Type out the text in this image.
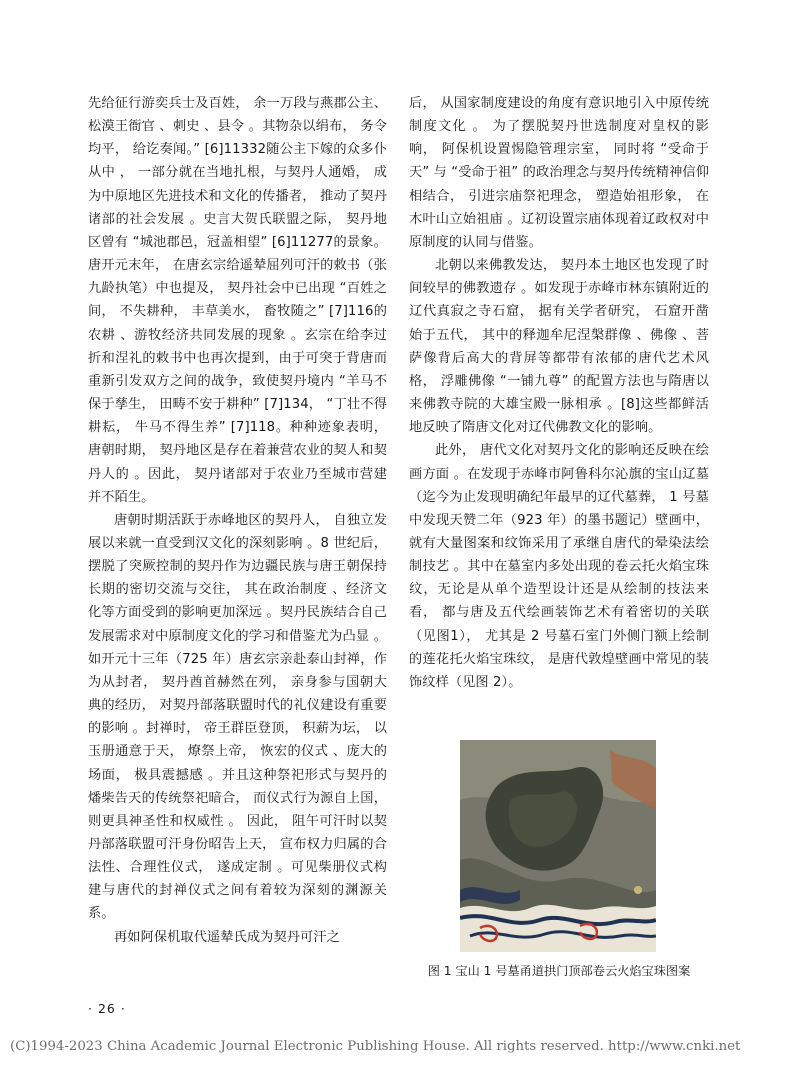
先给征行游奕兵士及百姓， 余一万段与燕郡公主、松漠王衙官 、刺史 、县令 。其物杂以绢布， 务令均平， 给讫奏闻。” [6]11332随公主下嫁的众多仆从中 ， 一部分就在当地扎根，与契丹人通婚， 成为中原地区先进技术和文化的传播者， 推动了契丹诸部的社会发展 。史言大贺氏联盟之际， 契丹地区曾有 “城池郡邑，冠盖相望” [6]11277的景象。 唐开元末年， 在唐玄宗给遥辇屈列可汗的敕书（张九龄执笔）中也提及， 契丹社会中已出现 “百姓之间， 不失耕种， 丰草美水， 畜牧随之” [7]116的农耕 、游牧经济共同发展的现象 。玄宗在给李过折和涅礼的敕书中也再次提到，由于可突于背唐而重新引发双方之间的战争，致使契丹境内 “羊马不保于孳生， 田畴不安于耕种” [7]134， “丁壮不得耕耘， 牛马不得生养” [7]118。种种迹象表明， 唐朝时期， 契丹地区是存在着兼营农业的契人和契丹人的 。因此， 契丹诸部对于农业乃至城市营建并不陌生。

唐朝时期活跃于赤峰地区的契丹人， 自独立发展以来就一直受到汉文化的深刻影响 。8 世纪后， 摆脱了突厥控制的契丹作为边疆民族与唐王朝保持长期的密切交流与交往， 其在政治制度 、经济文化等方面受到的影响更加深远 。契丹民族结合自己发展需求对中原制度文化的学习和借鉴尤为凸显 。如开元十三年（725 年）唐玄宗亲赴泰山封禅，作为从封者， 契丹酋首赫然在列， 亲身参与国朝大典的经历， 对契丹部落联盟时代的礼仪建设有重要的影响 。封禅时， 帝王群臣登顶， 积薪为坛， 以玉册通意于天， 燎祭上帝， 恢宏的仪式 、庞大的场面， 极具震撼感 。并且这种祭祀形式与契丹的燔柴告天的传统祭祀暗合， 而仪式行为源自上国， 则更具神圣性和权威性 。 因此， 阻午可汗时以契丹部落联盟可汗身份昭告上天， 宣布权力归属的合法性、合理性仪式， 遂成定制 。可见柴册仪式构建与唐代的封禅仪式之间有着较为深刻的渊源关系。

再如阿保机取代遥辇氏成为契丹可汗之

后， 从国家制度建设的角度有意识地引入中原传统制度文化 。 为了摆脱契丹世选制度对皇权的影响， 阿保机设置惕隐管理宗室， 同时将 “受命于天” 与 “受命于祖” 的政治理念与契丹传统精神信仰相结合， 引进宗庙祭祀理念， 塑造始祖形象， 在木叶山立始祖庙 。辽初设置宗庙体现着辽政权对中原制度的认同与借鉴。

北朝以来佛教发达， 契丹本土地区也发现了时间较早的佛教遗存 。如发现于赤峰市林东镇附近的辽代真寂之寺石窟， 据有关学者研究， 石窟开凿始于五代， 其中的释迦牟尼涅槃群像 、佛像 、菩萨像背后高大的背屏等都带有浓郁的唐代艺术风格， 浮雕佛像 “一铺九尊” 的配置方法也与隋唐以来佛教寺院的大雄宝殿一脉相承 。[8]这些都鲜活地反映了隋唐文化对辽代佛教文化的影响。

此外， 唐代文化对契丹文化的影响还反映在绘画方面 。在发现于赤峰市阿鲁科尔沁旗的宝山辽墓（迄今为止发现明确纪年最早的辽代墓葬， 1 号墓中发现天赞二年（923 年）的墨书题记）壁画中， 就有大量图案和纹饰采用了承继自唐代的晕染法绘制技艺 。其中在墓室内多处出现的卷云托火焰宝珠纹，无论是从单个造型设计还是从绘制的技法来看， 都与唐及五代绘画装饰艺术有着密切的关联（见图1）， 尤其是 2 号墓石室门外侧门额上绘制的莲花托火焰宝珠纹， 是唐代敦煌壁画中常见的装饰纹样（见图 2）。

图 1 宝山 1 号墓甬道拱门顶部卷云火焰宝珠图案
· 26 ·
(C)1994-2023 China Academic Journal Electronic Publishing House. All rights reserved. http://www.cnki.net
